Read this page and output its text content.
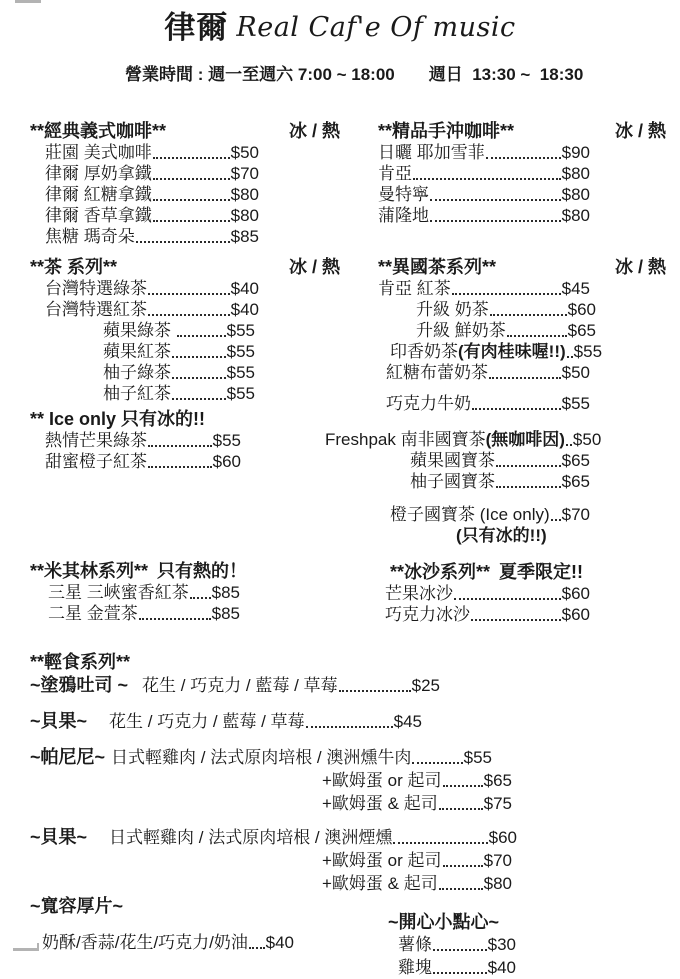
律爾 Real Caf'e Of music

營業時間 : 週一至週六 7:00 ~ 18:00 週日  13:30 ~  18:30

**經典義式咖啡**	冰 / 熱
莊園 美式咖啡	$50
律爾 厚奶拿鐵	$70
律爾 紅糖拿鐵	$80
律爾 香草拿鐵	$80
焦糖 瑪奇朵	$85
**茶 系列**	冰 / 熱
台灣特選綠茶	$40
台灣特選紅茶	$40
蘋果綠茶	$55
蘋果紅茶	$55
柚子綠茶	$55
柚子紅茶	$55
** Ice only 只有冰的!!
熱情芒果綠茶	$55
甜蜜橙子紅茶	$60
**米其林系列** 只有熱的！
三星 三峽蜜香紅茶 $85
二星 金萱茶	$85
**精品手沖咖啡**	冰 / 熱
日曬 耶加雪菲	$90
肯亞	$80
曼特寧	$80
蒲隆地	$80
**異國茶系列**	冰 / 熱
肯亞 紅茶	$45
升級 奶茶	$60
升級 鮮奶茶	$65
印香奶茶 (有肉桂味喔!!) $55
紅糖布蕾奶茶	$50
巧克力牛奶	$55
Freshpak 南非國寶茶 (無咖啡因) $50
蘋果國寶茶	$65
柚子國寶茶	$65
橙子國寶茶 (Ice only) $70
(只有冰的!!)
**冰沙系列** 夏季限定!!
芒果冰沙	$60
巧克力冰沙	$60
**輕食系列**
~塗鴉吐司 ~ 花生 / 巧克力 / 藍莓 / 草莓	$25
~貝果~ 花生 / 巧克力 / 藍莓 / 草莓	$45
~帕尼尼~ 日式輕雞肉 / 法式原肉培根 / 澳洲燻牛肉	$55
+歐姆蛋 or 起司 $65
+歐姆蛋 & 起司	$75
~貝果~ 日式輕雞肉 / 法式原肉培根 / 澳洲煙燻	$60
+歐姆蛋 or 起司 $70
+歐姆蛋 & 起司	$80
~寬容厚片~
奶酥/香蒜/花生/巧克力/奶油 $40
~開心小點心~
薯條	$30
雞塊	$40
